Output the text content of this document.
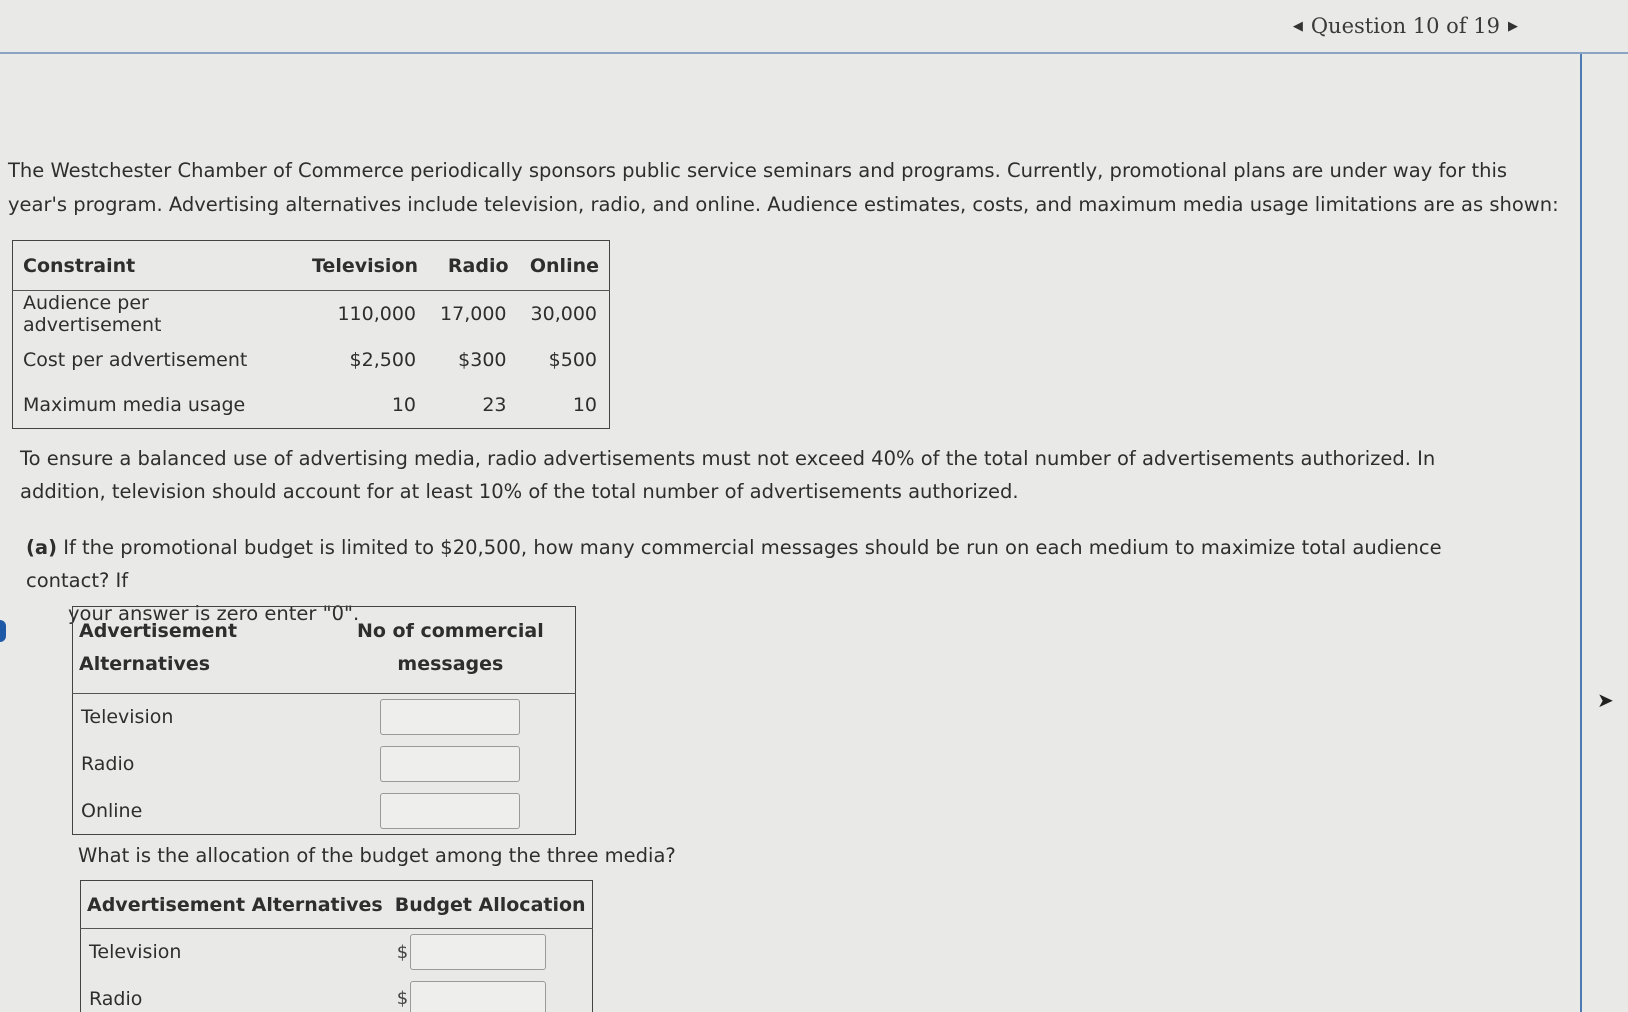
◀ Question 10 of 19 ▶

The Westchester Chamber of Commerce periodically sponsors public service seminars and programs. Currently, promotional plans are under way for this year's program. Advertising alternatives include television, radio, and online. Audience estimates, costs, and maximum media usage limitations are as shown:

Constraint	Television	Radio	Online
Audience per advertisement	110,000	17,000	30,000
Cost per advertisement	$2,500	$300	$500
Maximum media usage	10	23	10

To ensure a balanced use of advertising media, radio advertisements must not exceed 40% of the total number of advertisements authorized. In addition, television should account for at least 10% of the total number of advertisements authorized.

(a) If the promotional budget is limited to $20,500, how many commercial messages should be run on each medium to maximize total audience contact? If
your answer is zero enter "0".
Advertisement Alternatives	No of commercial messages
Television	
Radio	
Online	

What is the allocation of the budget among the three media?

Advertisement Alternatives	Budget Allocation
Television	$
Radio	$
➤
